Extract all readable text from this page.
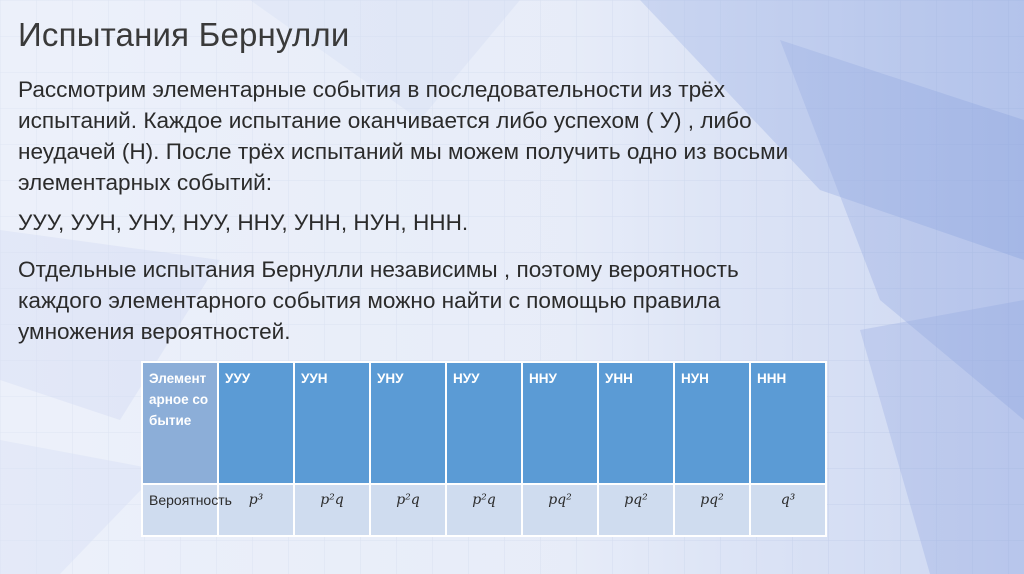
Испытания Бернулли
Рассмотрим элементарные события в последовательности из трёх
испытаний. Каждое испытание оканчивается либо успехом ( У) , либо
неудачей (Н). После трёх испытаний мы можем получить одно из восьми
элементарных событий:
УУУ, УУН, УНУ, НУУ, ННУ, УНН, НУН, ННН.
Отдельные испытания Бернулли независимы , поэтому вероятность
каждого элементарного события можно найти с помощью правила
умножения вероятностей.
Элементарное событие	УУУ	УУН	УНУ	НУУ	ННУ	УНН	НУН	ННН
Вероятность	p³	p²q	p²q	p²q	pq²	pq²	pq²	q³
